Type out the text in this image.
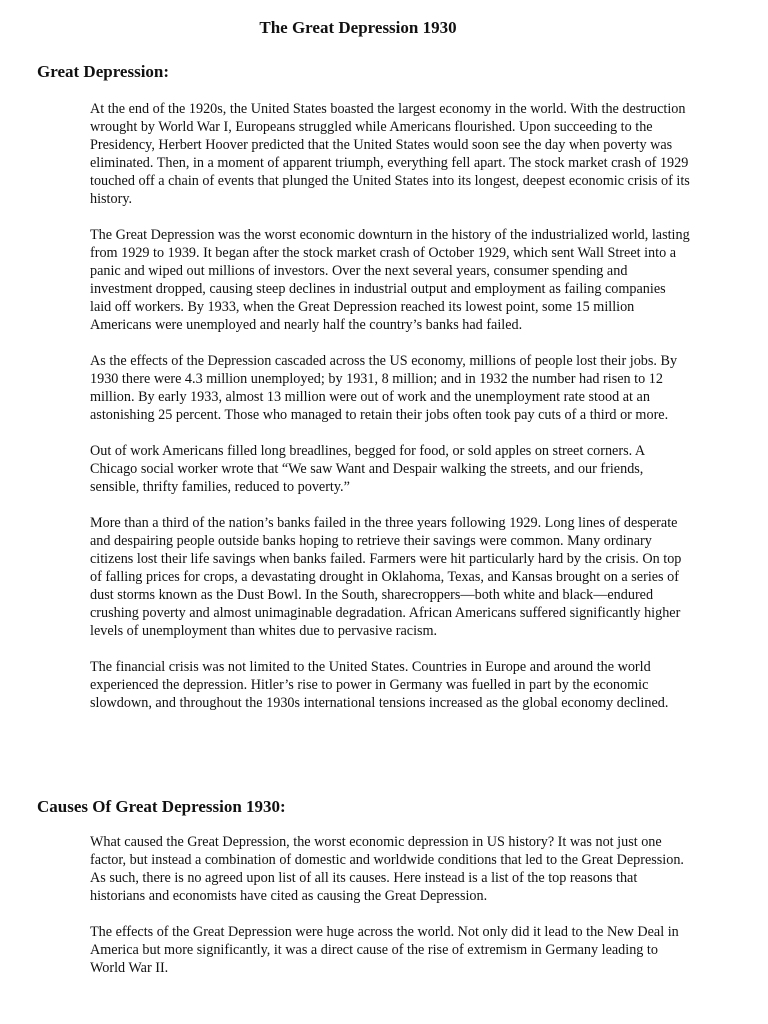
The Great Depression 1930
Great Depression:

At the end of the 1920s, the United States boasted the largest economy in the world. With the destruction wrought by World War I, Europeans struggled while Americans flourished. Upon succeeding to the Presidency, Herbert Hoover predicted that the United States would soon see the day when poverty was eliminated. Then, in a moment of apparent triumph, everything fell apart. The stock market crash of 1929 touched off a chain of events that plunged the United States into its longest, deepest economic crisis of its history.

The Great Depression was the worst economic downturn in the history of the industrialized world, lasting from 1929 to 1939. It began after the stock market crash of October 1929, which sent Wall Street into a panic and wiped out millions of investors. Over the next several years, consumer spending and investment dropped, causing steep declines in industrial output and employment as failing companies laid off workers. By 1933, when the Great Depression reached its lowest point, some 15 million Americans were unemployed and nearly half the country’s banks had failed.

As the effects of the Depression cascaded across the US economy, millions of people lost their jobs. By 1930 there were 4.3 million unemployed; by 1931, 8 million; and in 1932 the number had risen to 12 million. By early 1933, almost 13 million were out of work and the unemployment rate stood at an astonishing 25 percent. Those who managed to retain their jobs often took pay cuts of a third or more.

Out of work Americans filled long breadlines, begged for food, or sold apples on street corners. A Chicago social worker wrote that “We saw Want and Despair walking the streets, and our friends, sensible, thrifty families, reduced to poverty.”

More than a third of the nation’s banks failed in the three years following 1929. Long lines of desperate and despairing people outside banks hoping to retrieve their savings were common. Many ordinary citizens lost their life savings when banks failed. Farmers were hit particularly hard by the crisis. On top of falling prices for crops, a devastating drought in Oklahoma, Texas, and Kansas brought on a series of dust storms known as the Dust Bowl. In the South, sharecroppers—both white and black—endured crushing poverty and almost unimaginable degradation. African Americans suffered significantly higher levels of unemployment than whites due to pervasive racism.

The financial crisis was not limited to the United States. Countries in Europe and around the world experienced the depression. Hitler’s rise to power in Germany was fuelled in part by the economic slowdown, and throughout the 1930s international tensions increased as the global economy declined.

Causes Of Great Depression 1930:

What caused the Great Depression, the worst economic depression in US history? It was not just one factor, but instead a combination of domestic and worldwide conditions that led to the Great Depression. As such, there is no agreed upon list of all its causes. Here instead is a list of the top reasons that historians and economists have cited as causing the Great Depression.

The effects of the Great Depression were huge across the world. Not only did it lead to the New Deal in America but more significantly, it was a direct cause of the rise of extremism in Germany leading to World War II.
